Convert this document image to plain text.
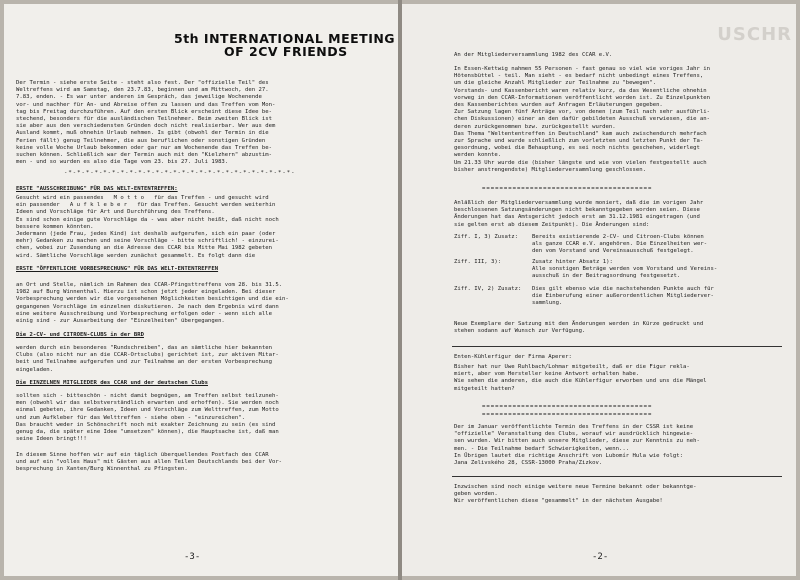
5th INTERNATIONAL MEETING
OF 2CV FRIENDS
Der Termin - siehe erste Seite - steht also fest. Der "offizielle Teil" des
Weltreffens wird am Samstag, den 23.7.83, beginnen und am Mittwoch, den 27.
7.83, enden. - Es war unter anderen im Gespräch, das jeweilige Wochenende
vor- und nachher für An- und Abreise offen zu lassen und das Treffen vom Mon-
tag bis Freitag durchzuführen. Auf den ersten Blick erscheint diese Idee be-
stechend, besonders für die ausländischen Teilnehmer. Beim zweiten Blick ist
sie aber aus den verschiedensten Gründen doch nicht realisierbar. Wer aus dem
Ausland kommt, muß ohnehin Urlaub nehmen. Is gibt (obwohl der Termin in die
Ferien fällt) genug Teilnehmer, die aus beruflichen oder sonstigen Gründen
keine volle Woche Urlaub bekommen oder gar nur am Wochenende das Treffen be-
suchen können. Schließlich war der Termin auch mit den "Kielzhern" abzustim-
men - und so wurden es also die Tage vom 23. bis 27. Juli 1983.
-*-*-*-*-*-*-*-*-*-*-*-*-*-*-*-*-*-*-*-*-*-*-*-*-*-*-
ERSTE "AUSSCHREIBUNG" FÜR DAS WELT-ENTENTREFFEN:
Gesucht wird ein passendes   M o t t o   für das Treffen - und gesucht wird
ein passender   A u f k l e b e r   für das Treffen. Gesucht werden weiterhin
Ideen und Vorschläge für Art und Durchführung des Treffens.
Es sind schon einige gute Vorschläge da - was aber nicht heißt, daß nicht noch
bessere kommen könnten.
Jedermann (jede Frau, jedes Kind) ist deshalb aufgerufen, sich ein paar (oder
mehr) Gedanken zu machen und seine Vorschläge - bitte schriftlich! - einzurei-
chen, wobei zur Zusendung an die Adresse des CCAR bis Mitte Mai 1982 gebeten
wird. Sämtliche Vorschläge werden zunächst gesammelt. Es folgt dann die
ERSTE "ÖFFENTLICHE VORBESPRECHUNG" FÜR DAS WELT-ENTENTREFFEN
an Ort und Stelle, nämlich im Rahmen des CCAR-Pfingsttreffens vom 28. bis 31.5.
1982 auf Burg Winnenthal. Hierzu ist schon jetzt jeder eingeladen. Bei dieser
Vorbesprechung werden wir die vorgesehenen Möglichkeiten besichtigen und die ein-
gegangenen Vorschläge im einzelnen diskutieren. Je nach dem Ergebnis wird dann
eine weitere Ausschreibung und Vorbesprechung erfolgen oder - wenn sich alle
einig sind - zur Ausarbeitung der "Einzelheiten" übergegangen.
Die 2-CV- und CITROEN-CLUBS in der BRD
werden durch ein besonderes "Rundschreiben", das an sämtliche hier bekannten
Clubs (also nicht nur an die CCAR-Ortsclubs) gerichtet ist, zur aktiven Mitar-
beit und Teilnahme aufgerufen und zur Teilnahme an der ersten Vorbesprechung
eingeladen.
Die EINZELNEN MITGLIEDER des CCAR und der deutschen Clubs
sollten sich - bitteschön - nicht damit begnügen, am Treffen selbst teilzuneh-
men (obwohl wir das selbstverständlich erwarten und erhoffen). Sie werden noch
einmal gebeten, ihre Gedanken, Ideen und Vorschläge zum Welttreffen, zum Motto
und zum Aufkleber für das Welttreffen - siehe oben - "einzureichen".
Das braucht weder in Schönschrift noch mit exakter Zeichnung zu sein (es sind
genug da, die später eine Idee "umsetzen" können), die Hauptsache ist, daß man
seine Ideen bringt!!!
In diesem Sinne hoffen wir auf ein täglich überquellendes Postfach des CCAR
und auf ein "volles Haus" mit Gästen aus allen Teilen Deutschlands bei der Vor-
besprechung in Xanten/Burg Winnenthal zu Pfingsten.
-3-
USCHR
An der Mitgliederversammlung 1982 des CCAR e.V.
In Essen-Kettwig nahmen 55 Personen - fast genau so viel wie voriges Jahr in
Hötensbüttel - teil. Man sieht - es bedarf nicht unbedingt eines Treffens,
um die gleiche Anzahl Mitglieder zur Teilnahme zu "bewegen".
Vorstands- und Kassenbericht waren relativ kurz, da das Wesentliche ohnehin
vorweg in den CCAR-Informationen veröffentlicht worden ist. Zu Einzelpunkten
des Kassenberichtes wurden auf Anfragen Erläuterungen gegeben.
Zur Satzung lagen fünf Anträge vor, von denen (zum Teil nach sehr ausführli-
chen Diskussionen) einer an den dafür gebildeten Ausschuß verwiesen, die an-
deren zurückgenommen bzw. zurückgestellt wurden.
Das Thema "Weltententreffen in Deutschland" kam auch zwischendurch mehrfach
zur Sprache und wurde schließlich zum vorletzten und letzten Punkt der Ta-
gesordnung, wobei die Behauptung, es sei noch nichts geschehen, widerlegt
werden konnte.
Um 21.33 Uhr wurde die (bisher längste und wie von vielen festgestellt auch
bisher anstrengendste) Mitgliederversammlung geschlossen.
=======================================
Anläßlich der Mitgliederversammlung wurde moniert, daß die im vorigen Jahr
beschlossenen Satzungsänderungen nicht bekanntgegeben worden seien. Diese
Änderungen hat das Amtsgericht jedoch erst am 31.12.1981 eingetragen (und
sie gelten erst ab diesem Zeitpunkt). Die Änderungen sind:
Ziff. I, 3) Zusatz:	Bereits existierende 2-CV- und Citroen-Clubs können
als ganze CCAR e.V. angehören. Die Einzelheiten wer-
den vom Vorstand und Vereinsausschuß festgelegt.
Ziff. III, 3):	Zusatz hinter Absatz 1):
Alle sonstigen Beträge werden vom Vorstand und Vereins-
ausschuß in der Beitragsordnung festgesetzt.
Ziff. IV, 2) Zusatz: Dies gilt ebenso wie die nachstehenden Punkte auch für
die Einberufung einer außerordentlichen Mitgliederver-
sammlung.
Neue Exemplare der Satzung mit den Änderungen werden in Kürze gedruckt und
stehen sodann auf Wunsch zur Verfügung.
Enten-Kühlerfigur der Firma Aperer:
Bisher hat nur Uwe Ruhlbach/Lohmar mitgeteilt, daß er die Figur rekla-
miert, aber vom Hersteller keine Antwort erhalten habe.
Wie sehen die anderen, die auch die Kühlerfigur erworben und uns die Mängel
mitgeteilt hatten?
=======================================
=======================================
Der im Januar veröffentlichte Termin des Treffens in der CSSR ist keine
"offizielle" Veranstaltung des Clubs, worauf wir ausdrücklich hingewie-
sen wurden. Wir bitten auch unsere Mitglieder, diese zur Kenntnis zu neh-
men. - Die Teilnahme bedarf Schwierigkeiten, wenn...
In Übrigen lautet die richtige Anschrift von Lubomír Hula wie folgt:
Jana Zelivského 28, CSSR-13000 Praha/Zizkov.
Inzwischen sind noch einige weitere neue Termine bekannt oder bekanntge-
geben worden.
Wir veröffentlichen diese "gesammelt" in der nächsten Ausgabe!
-2-
